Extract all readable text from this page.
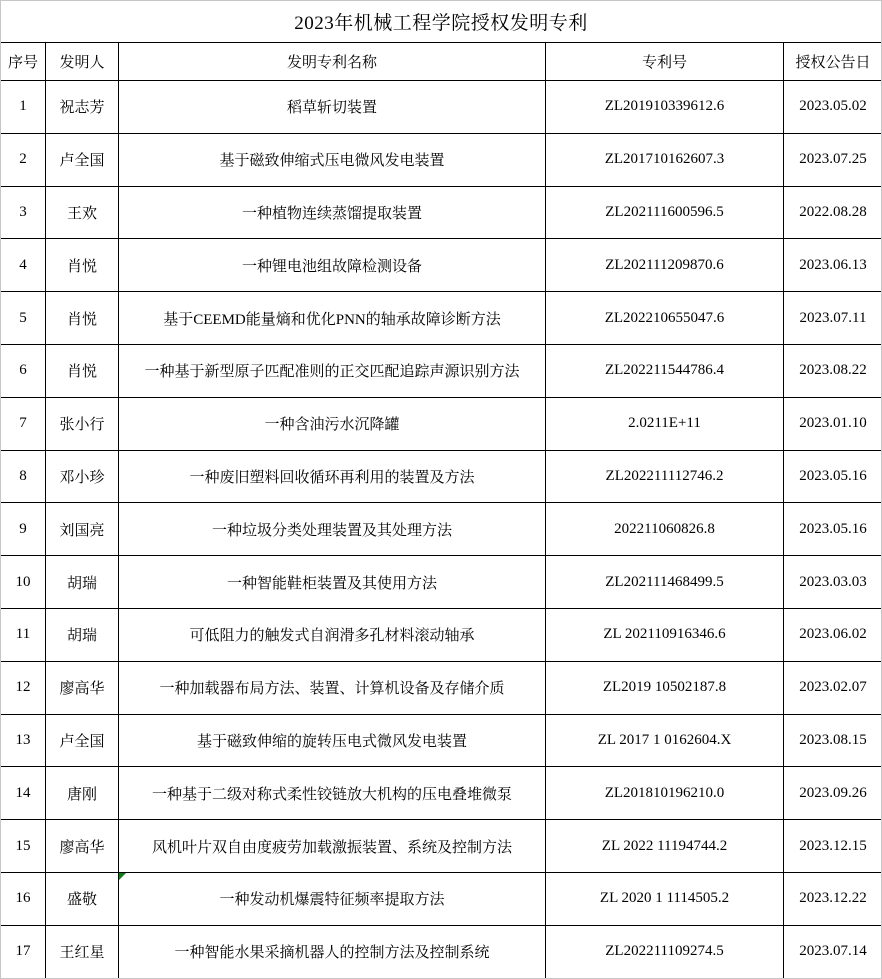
2023年机械工程学院授权发明专利
序号	发明人	发明专利名称	专利号	授权公告日
1	祝志芳	稻草斩切装置	ZL201910339612.6	2023.05.02
2	卢全国	基于磁致伸缩式压电微风发电装置	ZL201710162607.3	2023.07.25
3	王欢	一种植物连续蒸馏提取装置	ZL202111600596.5	2022.08.28
4	肖悦	一种锂电池组故障检测设备	ZL202111209870.6	2023.06.13
5	肖悦	基于CEEMD能量熵和优化PNN的轴承故障诊断方法	ZL202210655047.6	2023.07.11
6	肖悦	一种基于新型原子匹配准则的正交匹配追踪声源识别方法	ZL202211544786.4	2023.08.22
7	张小行	一种含油污水沉降罐	2.0211E+11	2023.01.10
8	邓小珍	一种废旧塑料回收循环再利用的装置及方法	ZL202211112746.2	2023.05.16
9	刘国亮	一种垃圾分类处理装置及其处理方法	202211060826.8	2023.05.16
10	胡瑞	一种智能鞋柜装置及其使用方法	ZL202111468499.5	2023.03.03
11	胡瑞	可低阻力的触发式自润滑多孔材料滚动轴承	ZL 202110916346.6	2023.06.02
12	廖高华	一种加载器布局方法、装置、计算机设备及存储介质	ZL2019 10502187.8	2023.02.07
13	卢全国	基于磁致伸缩的旋转压电式微风发电装置	ZL 2017 1 0162604.X	2023.08.15
14	唐刚	一种基于二级对称式柔性铰链放大机构的压电叠堆微泵	ZL201810196210.0	2023.09.26
15	廖高华	风机叶片双自由度疲劳加载激振装置、系统及控制方法	ZL 2022 11194744.2	2023.12.15
16	盛敬	一种发动机爆震特征频率提取方法	ZL 2020 1 1114505.2	2023.12.22
17	王红星	一种智能水果采摘机器人的控制方法及控制系统	ZL202211109274.5	2023.07.14
